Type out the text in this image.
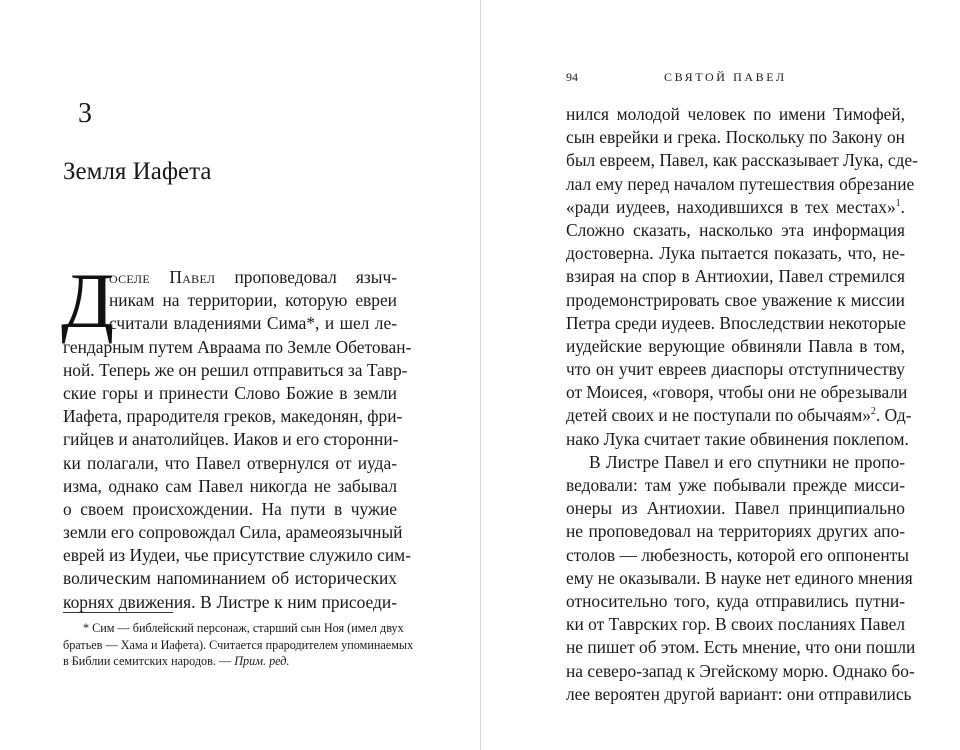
3
Земля Иафета
Д
оселе Павел проповедовал языч-
никам на территории, которую евреи
считали владениями Сима*, и шел ле-
гендарным путем Авраама по Земле Обетован-
ной. Теперь же он решил отправиться за Тавр-
ские горы и принести Слово Божие в земли
Иафета, прародителя греков, македонян, фри-
гийцев и анатолийцев. Иаков и его сторонни-
ки полагали, что Павел отвернулся от иуда-
изма, однако сам Павел никогда не забывал
о своем происхождении. На пути в чужие
земли его сопровождал Сила, арамеоязычный
еврей из Иудеи, чье присутствие служило сим-
волическим напоминанием об исторических
корнях движения. В Листре к ним присоеди-
* Сим — библейский персонаж, старший сын Ноя (имел двух
братьев — Хама и Иафета). Считается прародителем упоминаемых
в Библии семитских народов. — Прим. ред.
94	СВЯТОЙ ПАВЕЛ
нился молодой человек по имени Тимофей,
сын еврейки и грека. Поскольку по Закону он
был евреем, Павел, как рассказывает Лука, сде-
лал ему перед началом путешествия обрезание
«ради иудеев, находившихся в тех местах»$^1$.
Сложно сказать, насколько эта информация
достоверна. Лука пытается показать, что, не-
взирая на спор в Антиохии, Павел стремился
продемонстрировать свое уважение к миссии
Петра среди иудеев. Впоследствии некоторые
иудейские верующие обвиняли Павла в том,
что он учит евреев диаспоры отступничеству
от Моисея, «говоря, чтобы они не обрезывали
детей своих и не поступали по обычаям»$^2$. Од-
нако Лука считает такие обвинения поклепом.
В Листре Павел и его спутники не пропо-
ведовали: там уже побывали прежде мисси-
онеры из Антиохии. Павел принципиально
не проповедовал на территориях других апо-
столов — любезность, которой его оппоненты
ему не оказывали. В науке нет единого мнения
относительно того, куда отправились путни-
ки от Таврских гор. В своих посланиях Павел
не пишет об этом. Есть мнение, что они пошли
на северо-запад к Эгейскому морю. Однако бо-
лее вероятен другой вариант: они отправились
